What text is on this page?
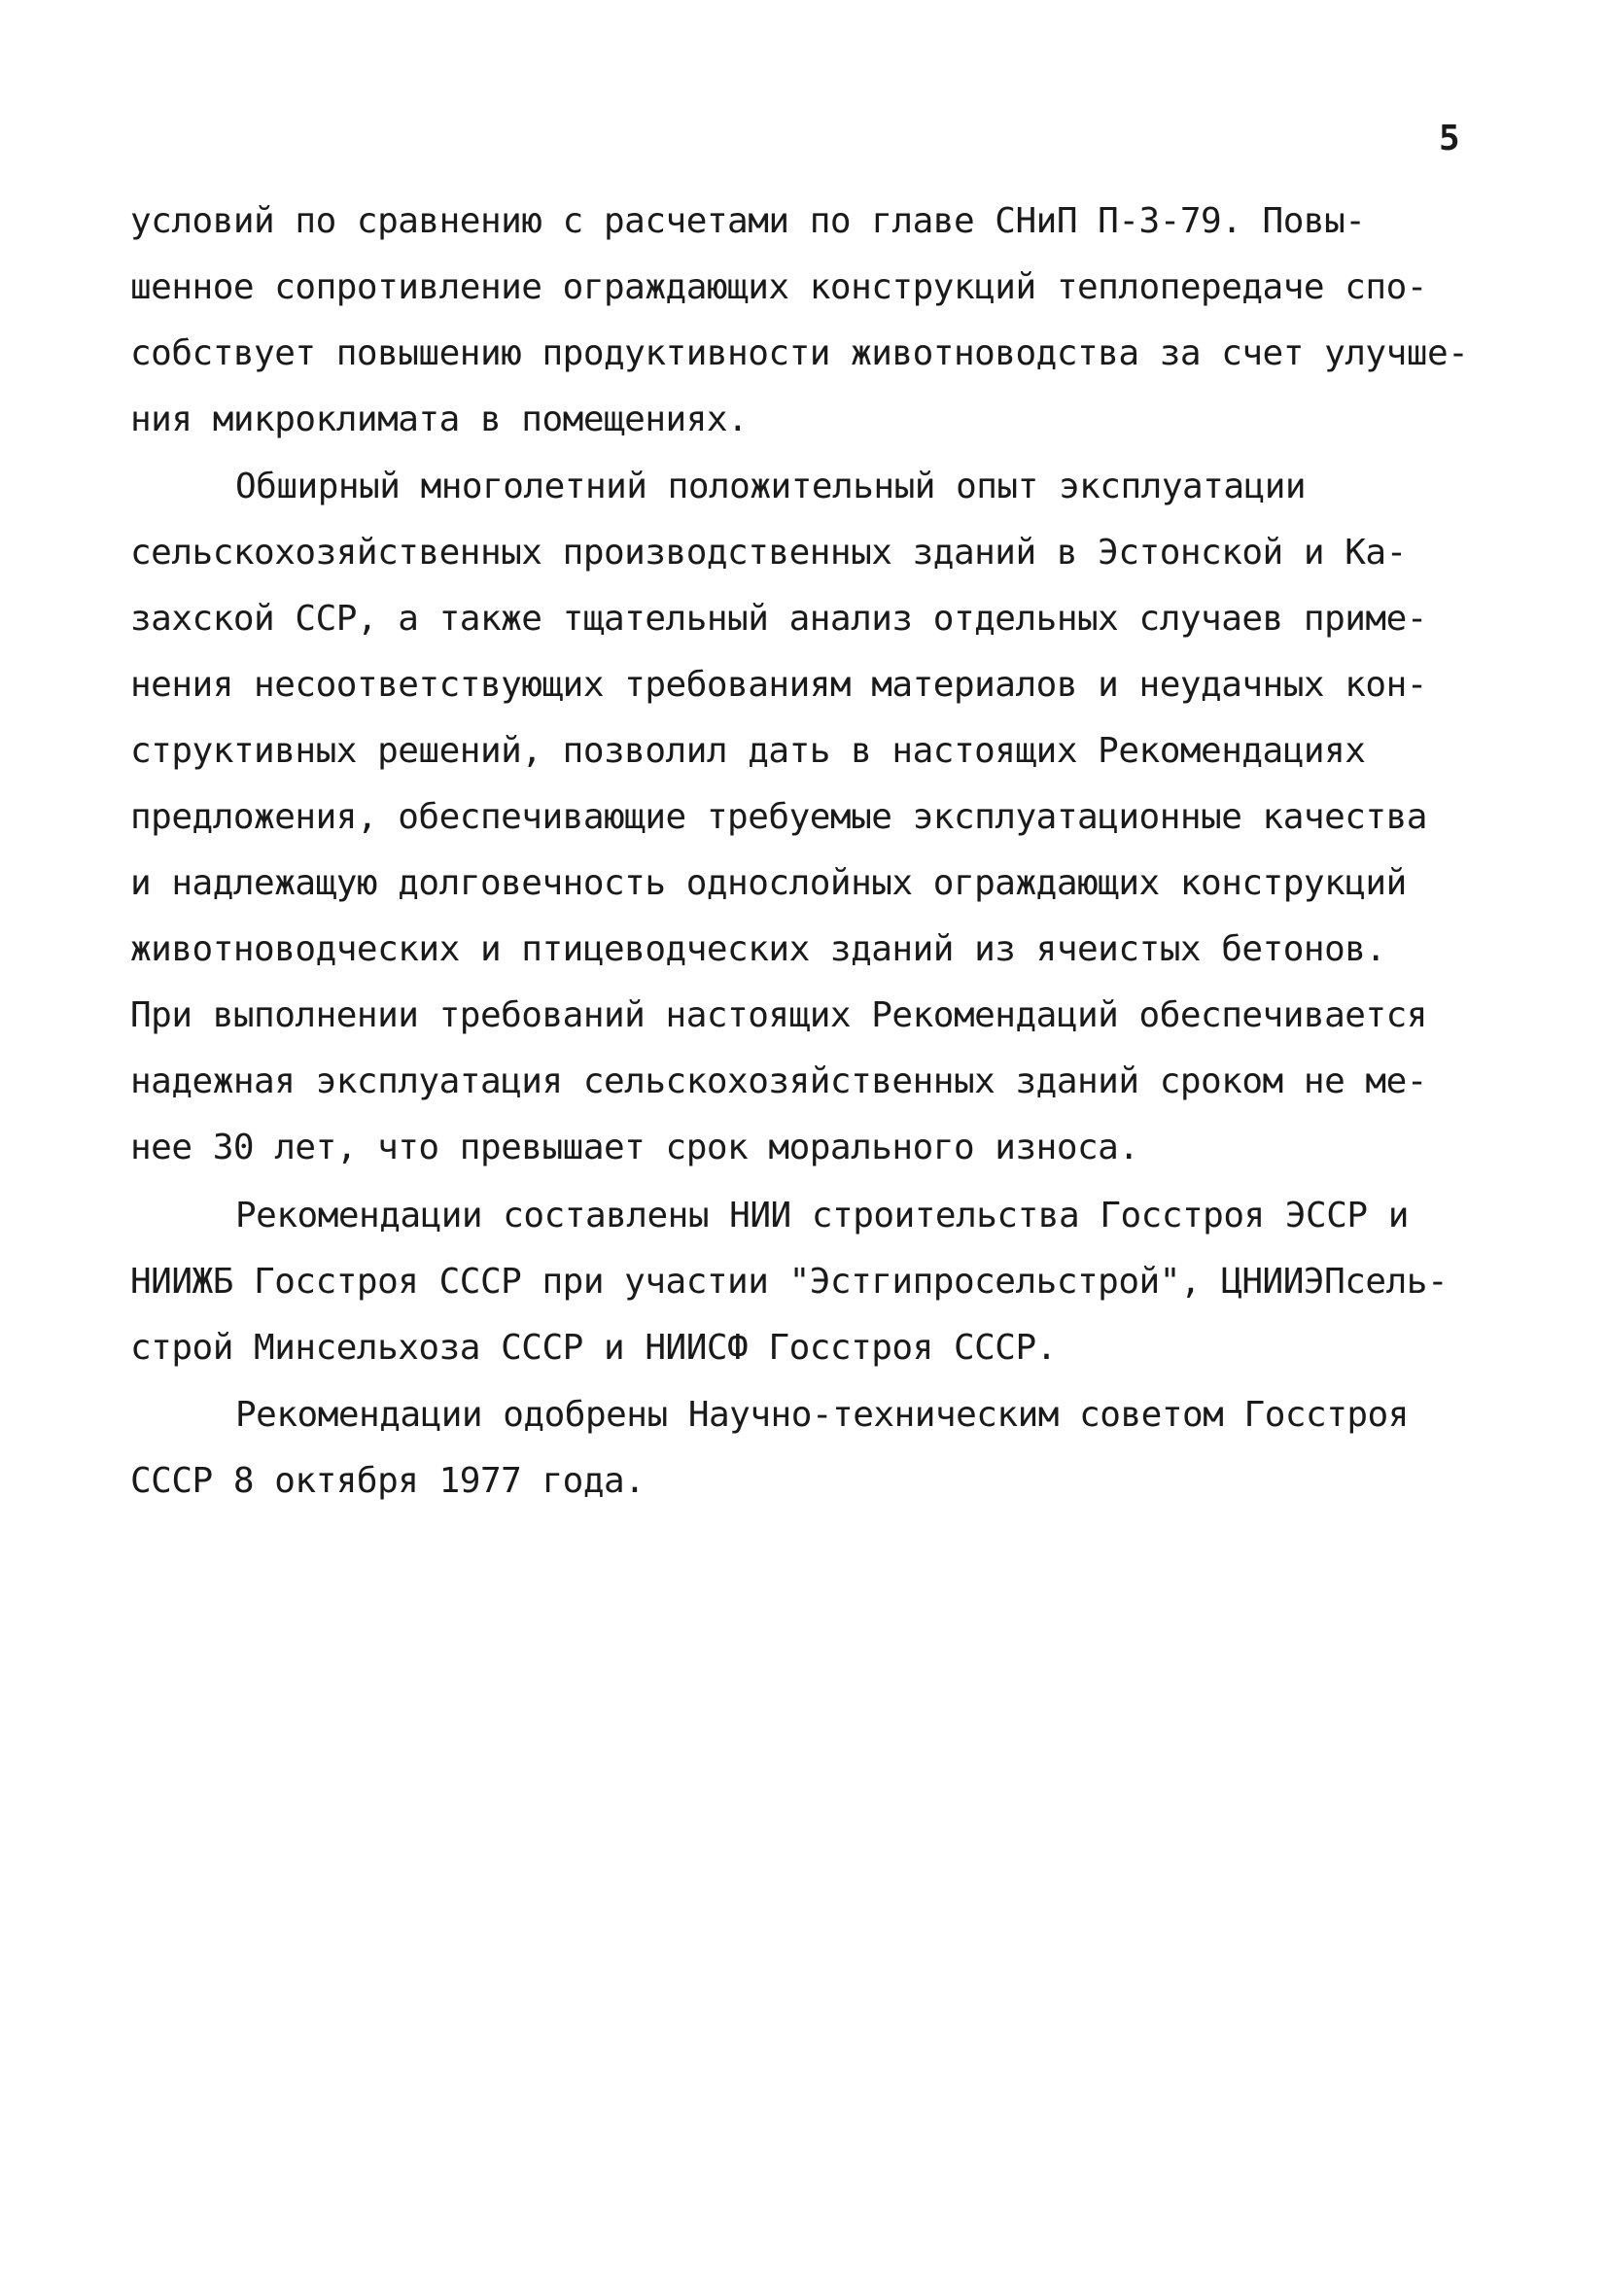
5
условий по сравнению с расчетами по главе СНиП П-3-79. Повы-
шенное сопротивление ограждающих конструкций теплопередаче спо-
собствует повышению продуктивности животноводства за счет улучше-
ния микроклимата в помещениях.
Обширный многолетний положительный опыт эксплуатации
сельскохозяйственных производственных зданий в Эстонской и Ка-
захской ССР, а также тщательный анализ отдельных случаев приме-
нения несоответствующих требованиям материалов и неудачных кон-
структивных решений, позволил дать в настоящих Рекомендациях
предложения, обеспечивающие требуемые эксплуатационные качества
и надлежащую долговечность однослойных ограждающих конструкций
животноводческих и птицеводческих зданий из ячеистых бетонов.
При выполнении требований настоящих Рекомендаций обеспечивается
надежная эксплуатация сельскохозяйственных зданий сроком не ме-
нее 30 лет, что превышает срок морального износа.
Рекомендации составлены НИИ строительства Госстроя ЭССР и
НИИЖБ Госстроя СССР при участии "Эстгипросельстрой", ЦНИИЭПсель-
строй Минсельхоза СССР и НИИСФ Госстроя СССР.
Рекомендации одобрены Научно-техническим советом Госстроя
СССР 8 октября 1977 года.
